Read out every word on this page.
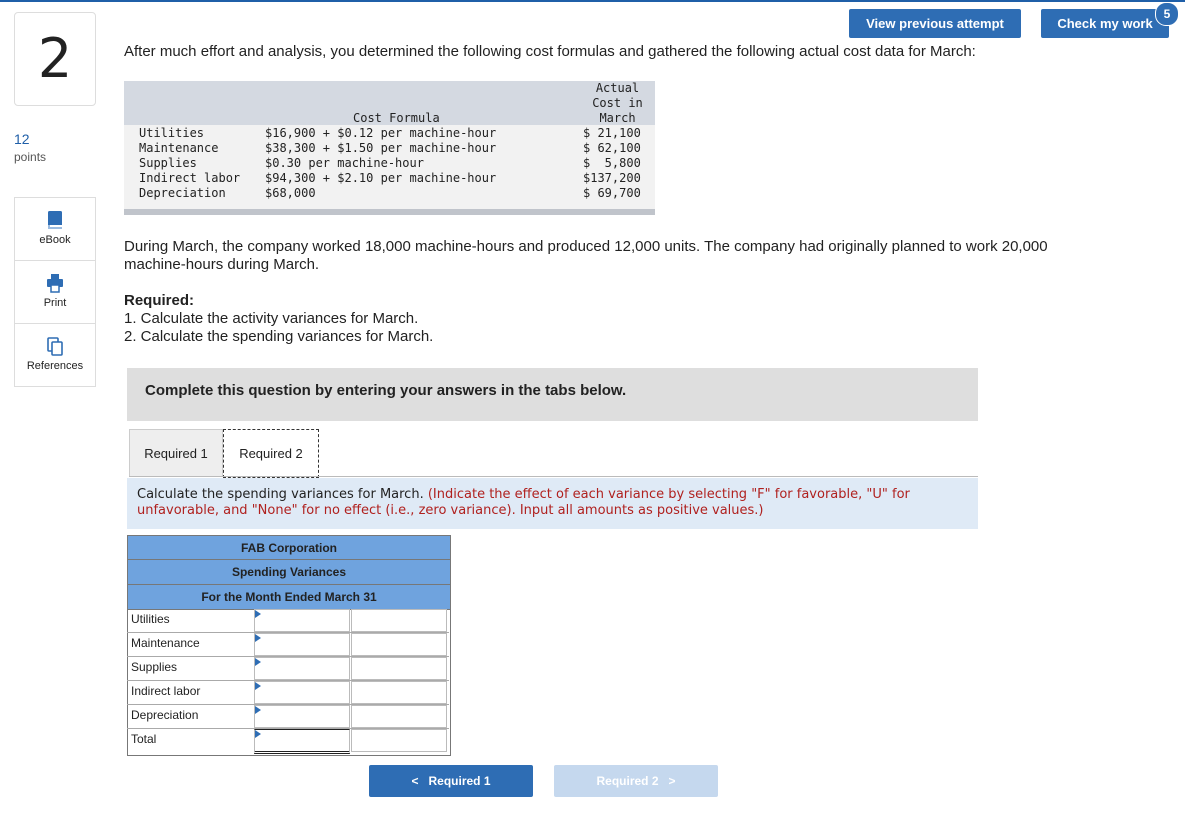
2
12
points
eBook
Print
References
View previous attempt	Check my work
5
After much effort and analysis, you determined the following cost formulas and gathered the following actual cost data for March:
Cost Formula
Actual
Cost in
March
Utilities	$16,900 + $0.12 per machine-hour	$ 21,100
Maintenance	$38,300 + $1.50 per machine-hour	$ 62,100
Supplies	$0.30 per machine-hour	$  5,800
Indirect labor $94,300 + $2.10 per machine-hour	$137,200
Depreciation	$68,000	$ 69,700
During March, the company worked 18,000 machine-hours and produced 12,000 units. The company had originally planned to work 20,000 machine-hours during March.
Required:
1. Calculate the activity variances for March.
2. Calculate the spending variances for March.
Complete this question by entering your answers in the tabs below.
Required 1	Required 2
Calculate the spending variances for March. (Indicate the effect of each variance by selecting "F" for favorable, "U" for unfavorable, and "None" for no effect (i.e., zero variance). Input all amounts as positive values.)
FAB Corporation
Spending Variances
For the Month Ended March 31
Utilities
Maintenance
Supplies
Indirect labor
Depreciation
Total
<   Required 1	Required 2   >
